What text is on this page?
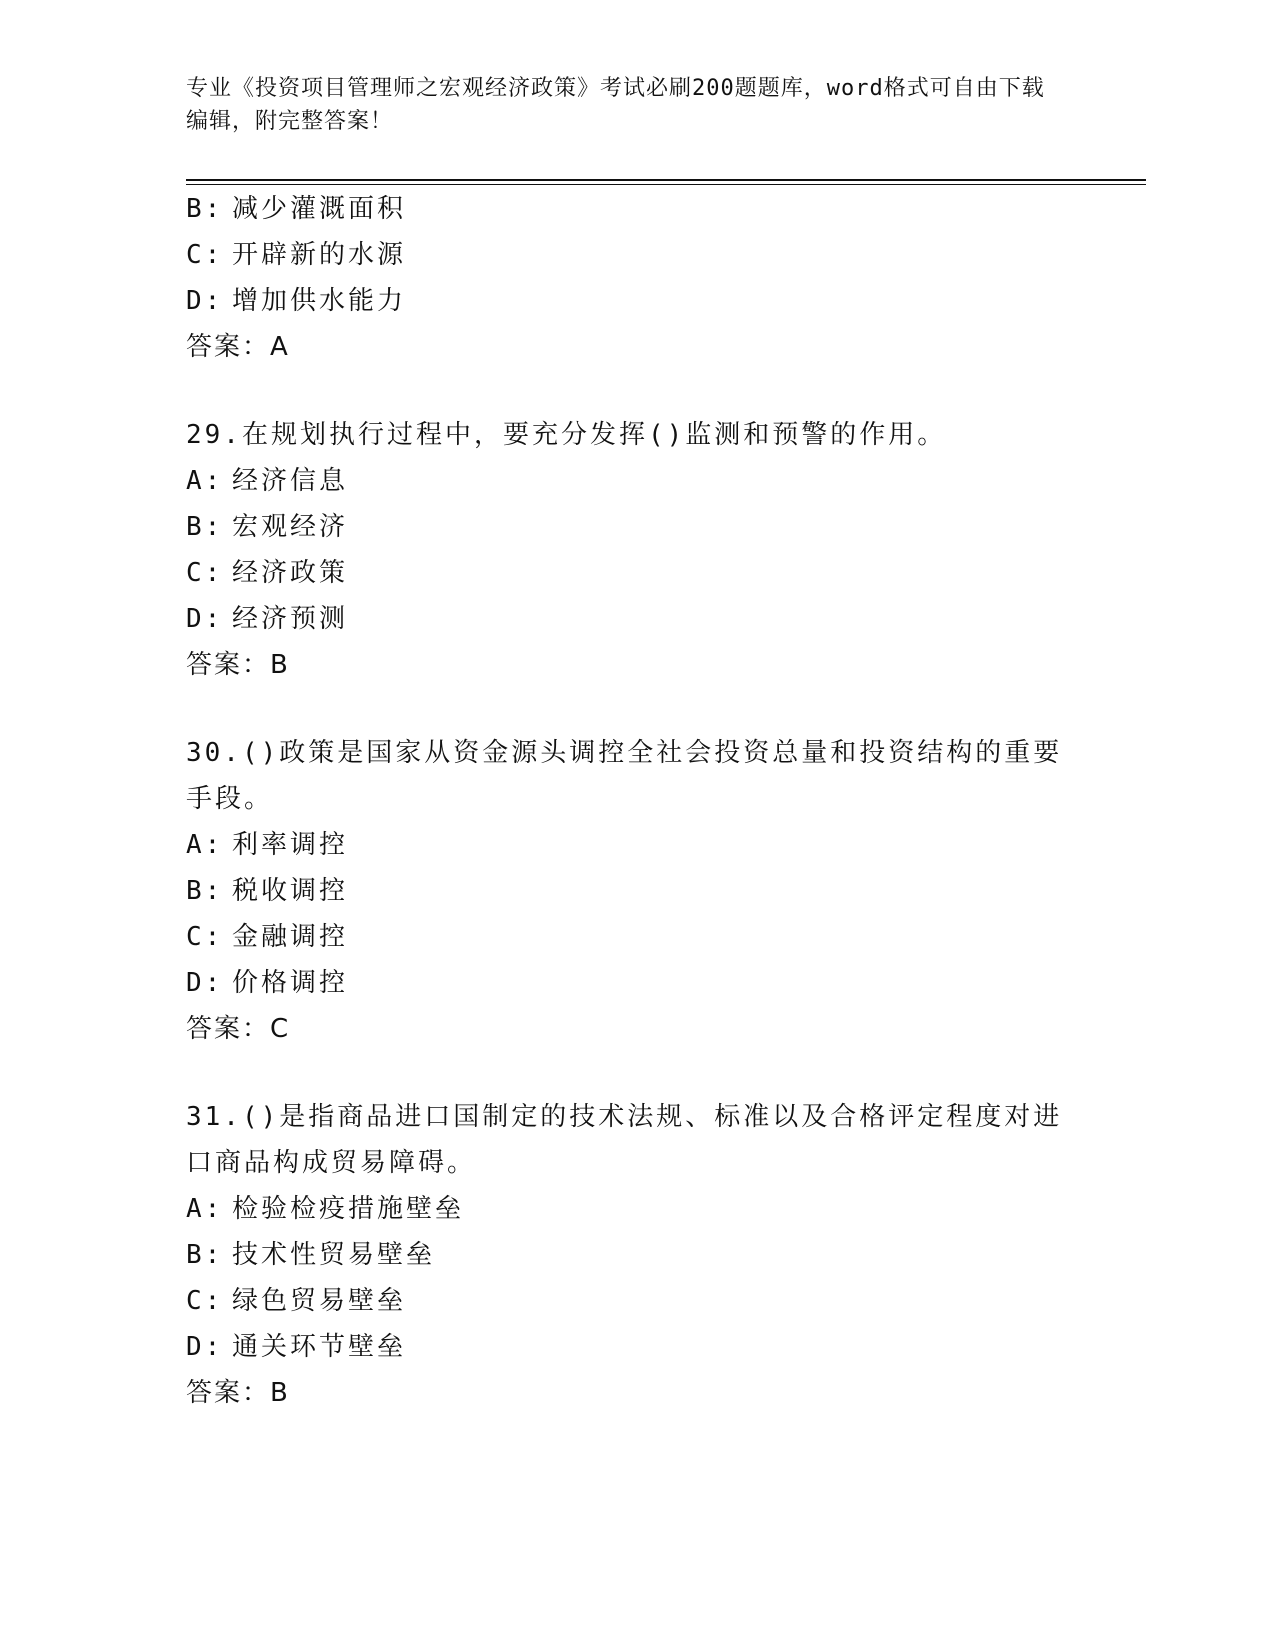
专业《投资项目管理师之宏观经济政策》考试必刷200题题库，word格式可自由下载编辑，附完整答案！
B: 减少灌溉面积
C: 开辟新的水源
D: 增加供水能力
答案：A
29.在规划执行过程中，要充分发挥()监测和预警的作用。
A: 经济信息
B: 宏观经济
C: 经济政策
D: 经济预测
答案：B
30.()政策是国家从资金源头调控全社会投资总量和投资结构的重要手段。
A: 利率调控
B: 税收调控
C: 金融调控
D: 价格调控
答案：C
31.()是指商品进口国制定的技术法规、标准以及合格评定程度对进口商品构成贸易障碍。
A: 检验检疫措施壁垒
B: 技术性贸易壁垒
C: 绿色贸易壁垒
D: 通关环节壁垒
答案：B
